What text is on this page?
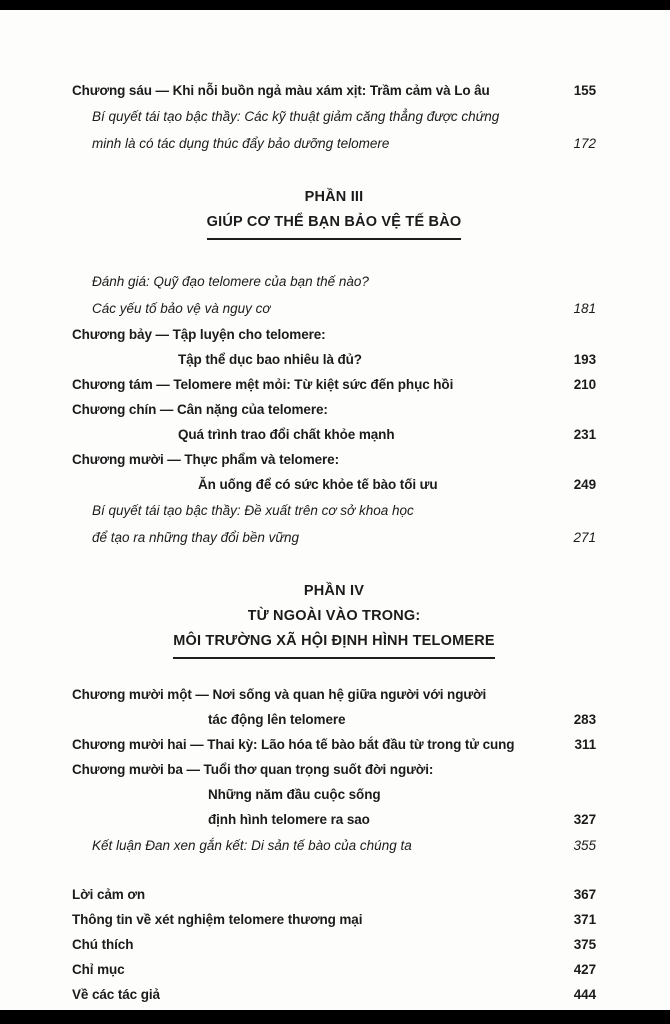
Chương sáu — Khi nỗi buồn ngả màu xám xịt: Trầm cảm và Lo âu	155
Bí quyết tái tạo bậc thầy: Các kỹ thuật giảm căng thẳng được chứng
minh là có tác dụng thúc đẩy bảo dưỡng telomere	172
PHẦN III
GIÚP CƠ THỂ BẠN BẢO VỆ TẾ BÀO
Đánh giá: Quỹ đạo telomere của bạn thế nào?
Các yếu tố bảo vệ và nguy cơ	181
Chương bảy — Tập luyện cho telomere:
Tập thể dục bao nhiêu là đủ?	193
Chương tám — Telomere mệt mỏi: Từ kiệt sức đến phục hồi	210
Chương chín — Cân nặng của telomere:
Quá trình trao đổi chất khỏe mạnh	231
Chương mười — Thực phẩm và telomere:
Ăn uống để có sức khỏe tế bào tối ưu	249
Bí quyết tái tạo bậc thầy: Đề xuất trên cơ sở khoa học
để tạo ra những thay đổi bền vững	271
PHẦN IV
TỪ NGOÀI VÀO TRONG:
MÔI TRƯỜNG XÃ HỘI ĐỊNH HÌNH TELOMERE
Chương mười một — Nơi sống và quan hệ giữa người với người
tác động lên telomere	283
Chương mười hai — Thai kỳ: Lão hóa tế bào bắt đầu từ trong tử cung	311
Chương mười ba — Tuổi thơ quan trọng suốt đời người:
Những năm đầu cuộc sống
định hình telomere ra sao	327
Kết luận Đan xen gắn kết: Di sản tế bào của chúng ta	355
Lời cảm ơn	367
Thông tin về xét nghiệm telomere thương mại	371
Chú thích	375
Chỉ mục	427
Về các tác giả	444
